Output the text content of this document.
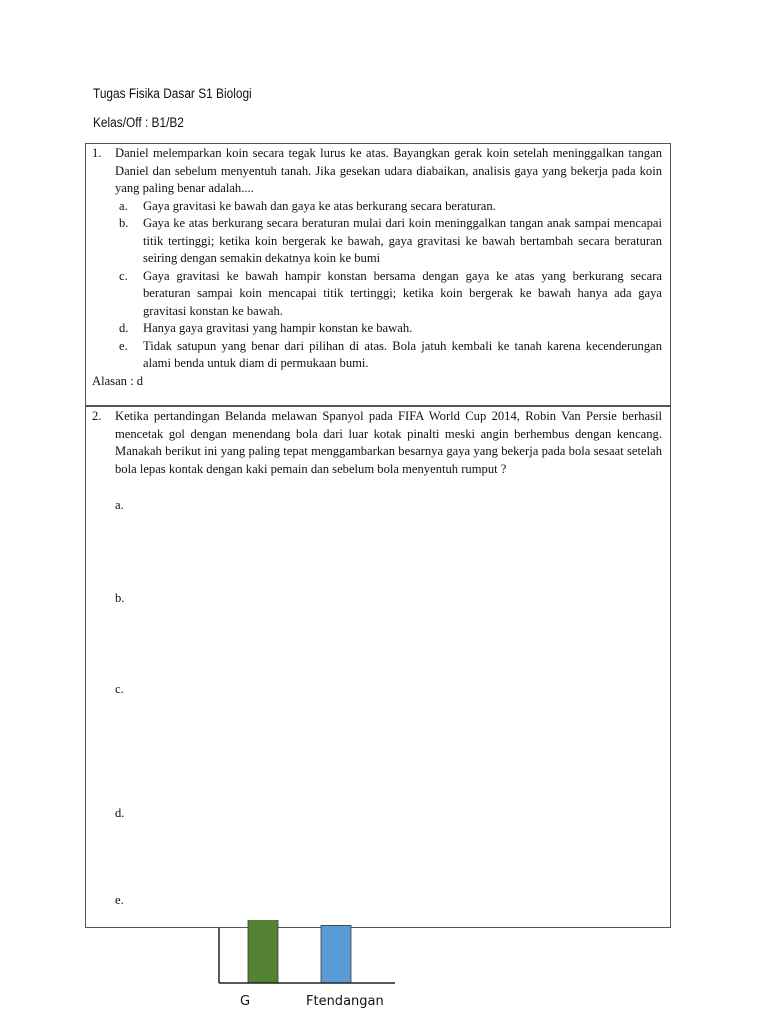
Tugas Fisika Dasar S1 Biologi
Kelas/Off : B1/B2
1. Daniel melemparkan koin secara tegak lurus ke atas. Bayangkan gerak koin setelah meninggalkan tangan Daniel dan sebelum menyentuh tanah. Jika gesekan udara diabaikan, analisis gaya yang bekerja pada koin yang paling benar adalah....
a. Gaya gravitasi ke bawah dan gaya ke atas berkurang secara beraturan.
b. Gaya ke atas berkurang secara beraturan mulai dari koin meninggalkan tangan anak sampai mencapai titik tertinggi; ketika koin bergerak ke bawah, gaya gravitasi ke bawah bertambah secara beraturan seiring dengan semakin dekatnya koin ke bumi
c. Gaya gravitasi ke bawah hampir konstan bersama dengan gaya ke atas yang berkurang secara beraturan sampai koin mencapai titik tertinggi; ketika koin bergerak ke bawah hanya ada gaya gravitasi konstan ke bawah.
d. Hanya gaya gravitasi yang hampir konstan ke bawah.
e. Tidak satupun yang benar dari pilihan di atas. Bola jatuh kembali ke tanah karena kecenderungan alami benda untuk diam di permukaan bumi.
Alasan : d
2. Ketika pertandingan Belanda melawan Spanyol pada FIFA World Cup 2014, Robin Van Persie berhasil mencetak gol dengan menendang bola dari luar kotak pinalti meski angin berhembus dengan kencang. Manakah berikut ini yang paling tepat menggambarkan besarnya gaya yang bekerja pada bola sesaat setelah bola lepas kontak dengan kaki pemain dan sebelum bola menyentuh rumput ?
a.
b.
c.
d.
e.
G	Ftendangan
